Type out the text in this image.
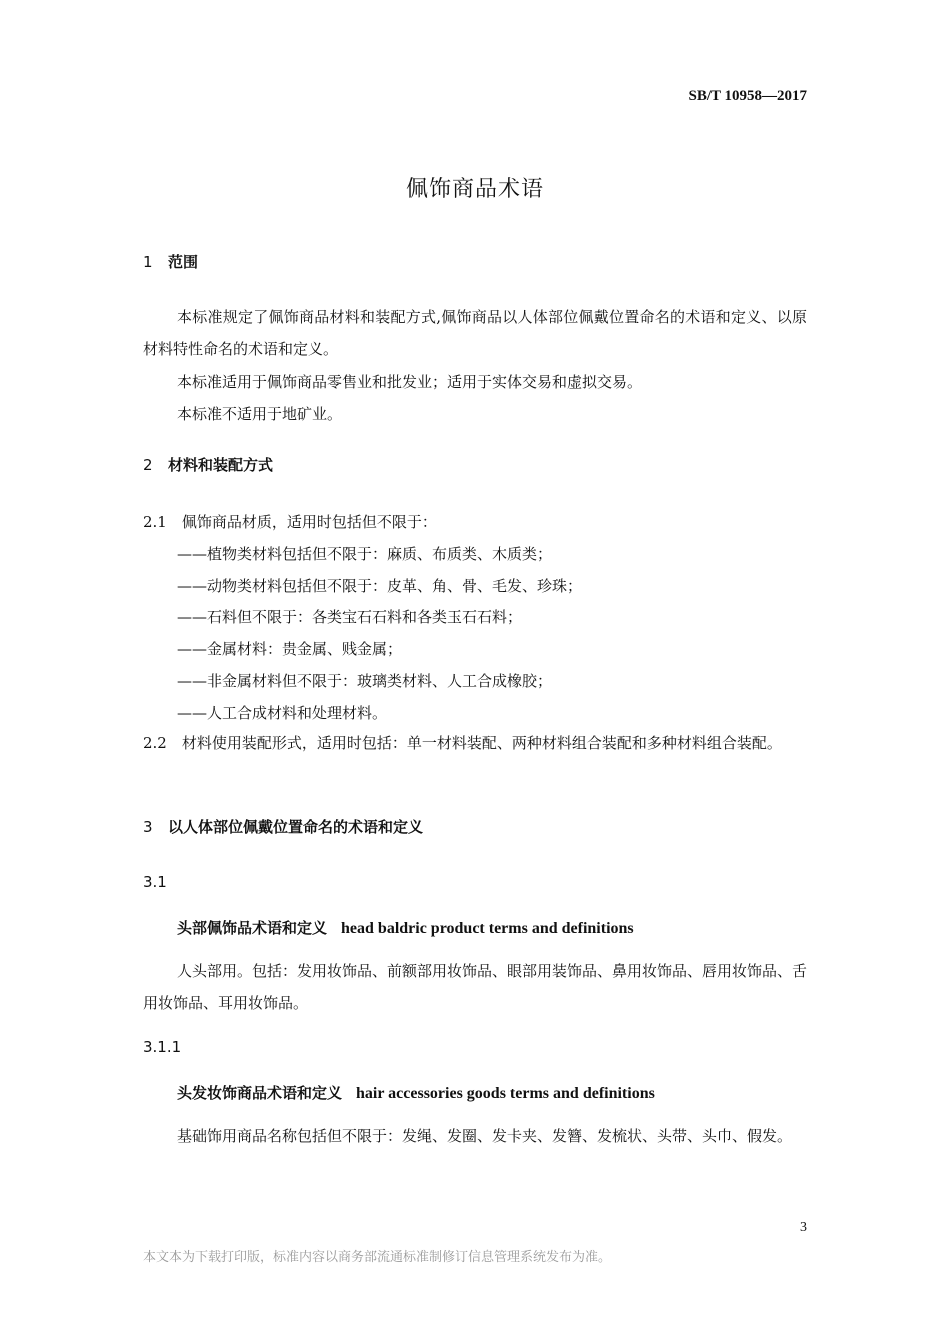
SB/T 10958—2017
佩饰商品术语
1 范围
本标准规定了佩饰商品材料和装配方式,佩饰商品以人体部位佩戴位置命名的术语和定义、以原材料特性命名的术语和定义。
本标准适用于佩饰商品零售业和批发业；适用于实体交易和虚拟交易。
本标准不适用于地矿业。
2 材料和装配方式
2.1　佩饰商品材质，适用时包括但不限于：
——植物类材料包括但不限于：麻质、布质类、木质类；
——动物类材料包括但不限于：皮革、角、骨、毛发、珍珠；
——石料但不限于：各类宝石石料和各类玉石石料；
——金属材料：贵金属、贱金属；
——非金属材料但不限于：玻璃类材料、人工合成橡胶；
——人工合成材料和处理材料。
2.2　材料使用装配形式，适用时包括：单一材料装配、两种材料组合装配和多种材料组合装配。
3 以人体部位佩戴位置命名的术语和定义
3.1
头部佩饰品术语和定义 head baldric product terms and definitions
人头部用。包括：发用妆饰品、前额部用妆饰品、眼部用装饰品、鼻用妆饰品、唇用妆饰品、舌用妆饰品、耳用妆饰品。
3.1.1
头发妆饰商品术语和定义 hair accessories goods terms and definitions
基础饰用商品名称包括但不限于：发绳、发圈、发卡夹、发簪、发梳状、头带、头巾、假发。
3
本文本为下载打印版，标准内容以商务部流通标准制修订信息管理系统发布为准。
